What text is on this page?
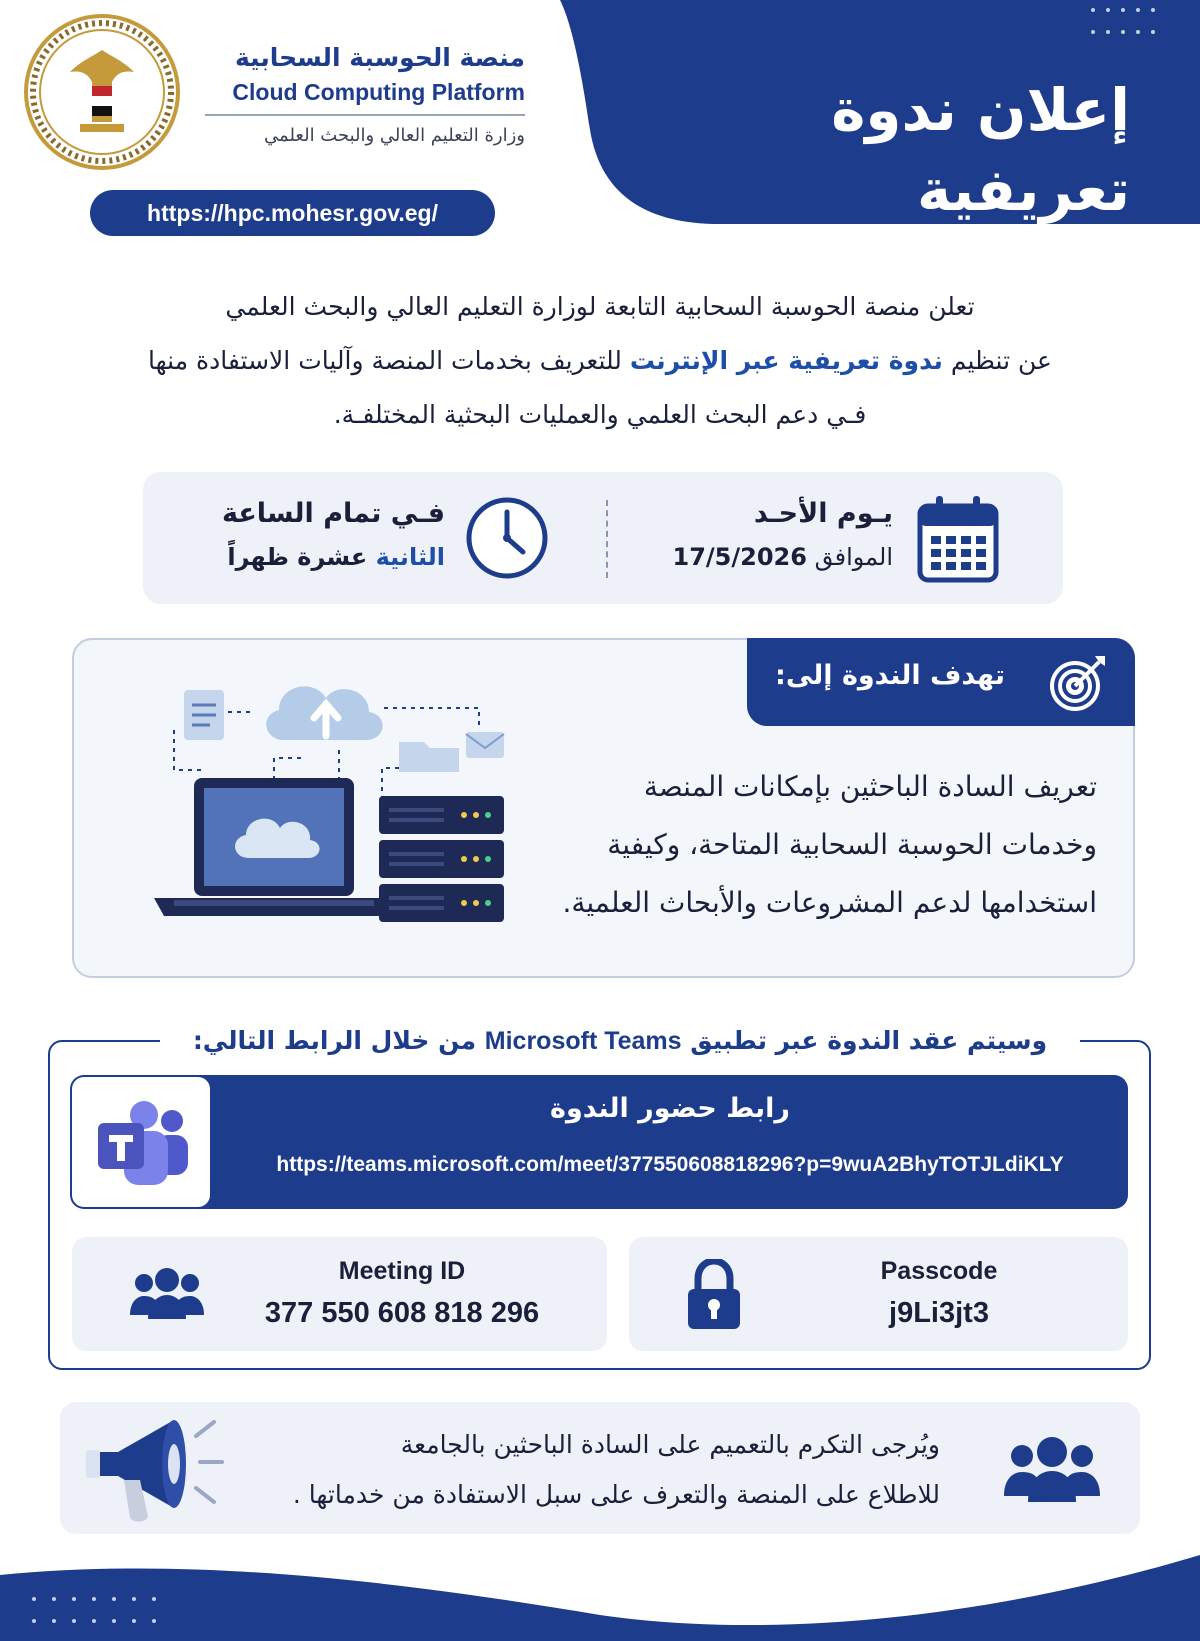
إعلان ندوة تعريفية
منصة الحوسبة السحابية
Cloud Computing Platform
وزارة التعليم العالي والبحث العلمي
https://hpc.mohesr.gov.eg/
تعلن منصة الحوسبة السحابية التابعة لوزارة التعليم العالي والبحث العلمي
عن تنظيم ندوة تعريفية عبر الإنترنت للتعريف بخدمات المنصة وآليات الاستفادة منها
فـي دعم البحث العلمي والعمليات البحثية المختلفـة.
يـوم الأحـد
الموافق 17/5/2026
فـي تمام الساعة
الثانية عشرة ظهراً
تهدف الندوة إلى:
تعريف السادة الباحثين بإمكانات المنصة
وخدمات الحوسبة السحابية المتاحة، وكيفية
استخدامها لدعم المشروعات والأبحاث العلمية.
وسيتم عقد الندوة عبر تطبيق Microsoft Teams من خلال الرابط التالي:
رابط حضور الندوة
https://teams.microsoft.com/meet/377550608818296?p=9wuA2BhyTOTJLdiKLY
Meeting ID
377 550 608 818 296
Passcode
j9Li3jt3
ويُرجى التكرم بالتعميم على السادة الباحثين بالجامعة
للاطلاع على المنصة والتعرف على سبل الاستفادة من خدماتها .
